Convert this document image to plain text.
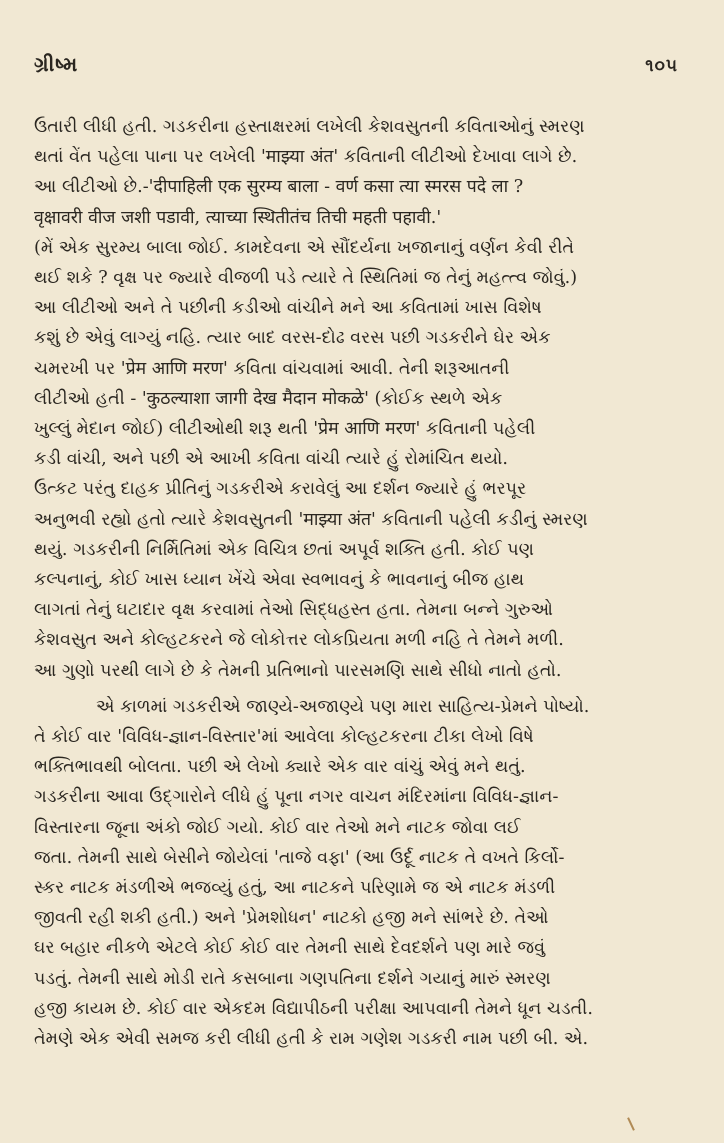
ગ્રીષ્મ	૧૦૫

ઉતારી લીધી હતી. ગડકરીના હસ્તાક્ષરમાં લખેલી કેશવસુતની કવિતાઓનું સ્મરણ

થતાં વેંત પહેલા પાના પર લખેલી 'माझ्या अंत' કવિતાની લીટીઓ દેખાવા લાગે છે.

આ લીટીઓ છે.-'दीपाहिली एक सुरम्य बाला - वर्ण कसा त्या स्मरस पदे ला ?

वृक्षावरी वीज जशी पडावी, त्याच्या स्थितीतंच तिची महती पहावी.'

(મેં એક સુરમ્ય બાલા જોઈ. કામદેવના એ સૌંદર્યના ખજાનાનું વર્ણન કેવી રીતે

થઈ શકે ? વૃક્ષ પર જ્યારે વીજળી પડે ત્યારે તે સ્થિતિમાં જ તેનું મહત્ત્વ જોવું.)

આ લીટીઓ અને તે પછીની કડીઓ વાંચીને મને આ કવિતામાં ખાસ વિશેષ

કશું છે એવું લાગ્યું નહિ. ત્યાર બાદ વરસ-દોઢ વરસ પછી ગડકરીને ઘેર એક

ચમરખી પર 'प्रेम आणि मरण' કવિતા વાંચવામાં આવી. તેની શરૂઆતની

લીટીઓ હતી - 'कुठल्याशा जागी देख मैदान मोकळे' (કોઈક સ્થળે એક

ખુલ્લું મેદાન જોઈ) લીટીઓથી શરૂ થતી 'प्रेम आणि मरण' કવિતાની પહેલી

કડી વાંચી, અને પછી એ આખી કવિતા વાંચી ત્યારે હું રોમાંચિત થયો.

ઉત્કટ પરંતુ દાહક પ્રીતિનું ગડકરીએ કરાવેલું આ દર્શન જ્યારે હું ભરપૂર

અનુભવી રહ્યો હતો ત્યારે કેશવસુતની 'माझ्या अंत' કવિતાની પહેલી કડીનું સ્મરણ

થયું. ગડકરીની નિર્મિતિમાં એક વિચિત્ર છતાં અપૂર્વ શક્તિ હતી. કોઈ પણ

કલ્પનાનું, કોઈ ખાસ ધ્યાન ખેંચે એવા સ્વભાવનું કે ભાવનાનું બીજ હાથ

લાગતાં તેનું ઘટાદાર વૃક્ષ કરવામાં તેઓ સિદ્ધહસ્ત હતા. તેમના બન્ને ગુરુઓ

કેશવસુત અને કોલ્હટકરને જે લોકોત્તર લોકપ્રિયતા મળી નહિ તે તેમને મળી.

આ ગુણો પરથી લાગે છે કે તેમની પ્રતિભાનો પારસમણિ સાથે સીધો નાતો હતો.

એ કાળમાં ગડકરીએ જાણ્યે-અજાણ્યે પણ મારા સાહિત્ય-પ્રેમને પોષ્યો.

તે કોઈ વાર 'વિવિધ-જ્ઞાન-વિસ્તાર'માં આવેલા કોલ્હટકરના ટીકા લેખો વિષે

ભક્તિભાવથી બોલતા. પછી એ લેખો ક્યારે એક વાર વાંચું એવું મને થતું.

ગડકરીના આવા ઉદ્ગારોને લીધે હું પૂના નગર વાચન મંદિરમાંના વિવિધ-જ્ઞાન-

વિસ્તારના જૂના અંકો જોઈ ગયો. કોઈ વાર તેઓ મને નાટક જોવા લઈ

જતા. તેમની સાથે બેસીને જોયેલાં 'તાજે વફા' (આ ઉર્દૂ નાટક તે વખતે કિર્લો-

સ્કર નાટક મંડળીએ ભજવ્યું હતું, આ નાટકને પરિણામે જ એ નાટક મંડળી

જીવતી રહી શકી હતી.) અને 'પ્રેમશોધન' નાટકો હજી મને સાંભરે છે. તેઓ

ઘર બહાર નીકળે એટલે કોઈ કોઈ વાર તેમની સાથે દેવદર્શને પણ મારે જવું

પડતું. તેમની સાથે મોડી રાતે કસબાના ગણપતિના દર્શને ગયાનું મારું સ્મરણ

હજી કાયમ છે. કોઈ વાર એકદમ વિદ્યાપીઠની પરીક્ષા આપવાની તેમને ધૂન ચડતી.

તેમણે એક એવી સમજ કરી લીધી હતી કે રામ ગણેશ ગડકરી નામ પછી બી. એ.
